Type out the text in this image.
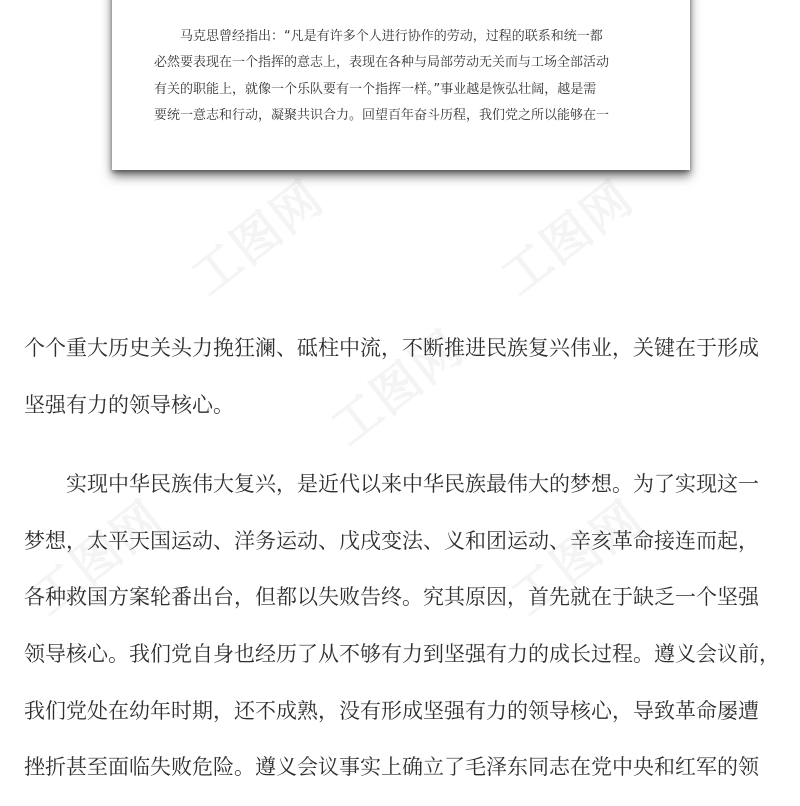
工图网	工图网
工图网
工图网	工图网

马克思曾经指出：“凡是有许多个人进行协作的劳动，过程的联系和统一都
必然要表现在一个指挥的意志上，表现在各种与局部劳动无关而与工场全部活动
有关的职能上，就像一个乐队要有一个指挥一样。”事业越是恢弘壮阔，越是需
要统一意志和行动，凝聚共识合力。回望百年奋斗历程，我们党之所以能够在一

个个重大历史关头力挽狂澜、砥柱中流，不断推进民族复兴伟业，关键在于形成
坚强有力的领导核心。
实现中华民族伟大复兴，是近代以来中华民族最伟大的梦想。为了实现这一
梦想，太平天国运动、洋务运动、戊戌变法、义和团运动、辛亥革命接连而起，
各种救国方案轮番出台，但都以失败告终。究其原因，首先就在于缺乏一个坚强
领导核心。我们党自身也经历了从不够有力到坚强有力的成长过程。遵义会议前，
我们党处在幼年时期，还不成熟，没有形成坚强有力的领导核心，导致革命屡遭
挫折甚至面临失败危险。遵义会议事实上确立了毛泽东同志在党中央和红军的领
